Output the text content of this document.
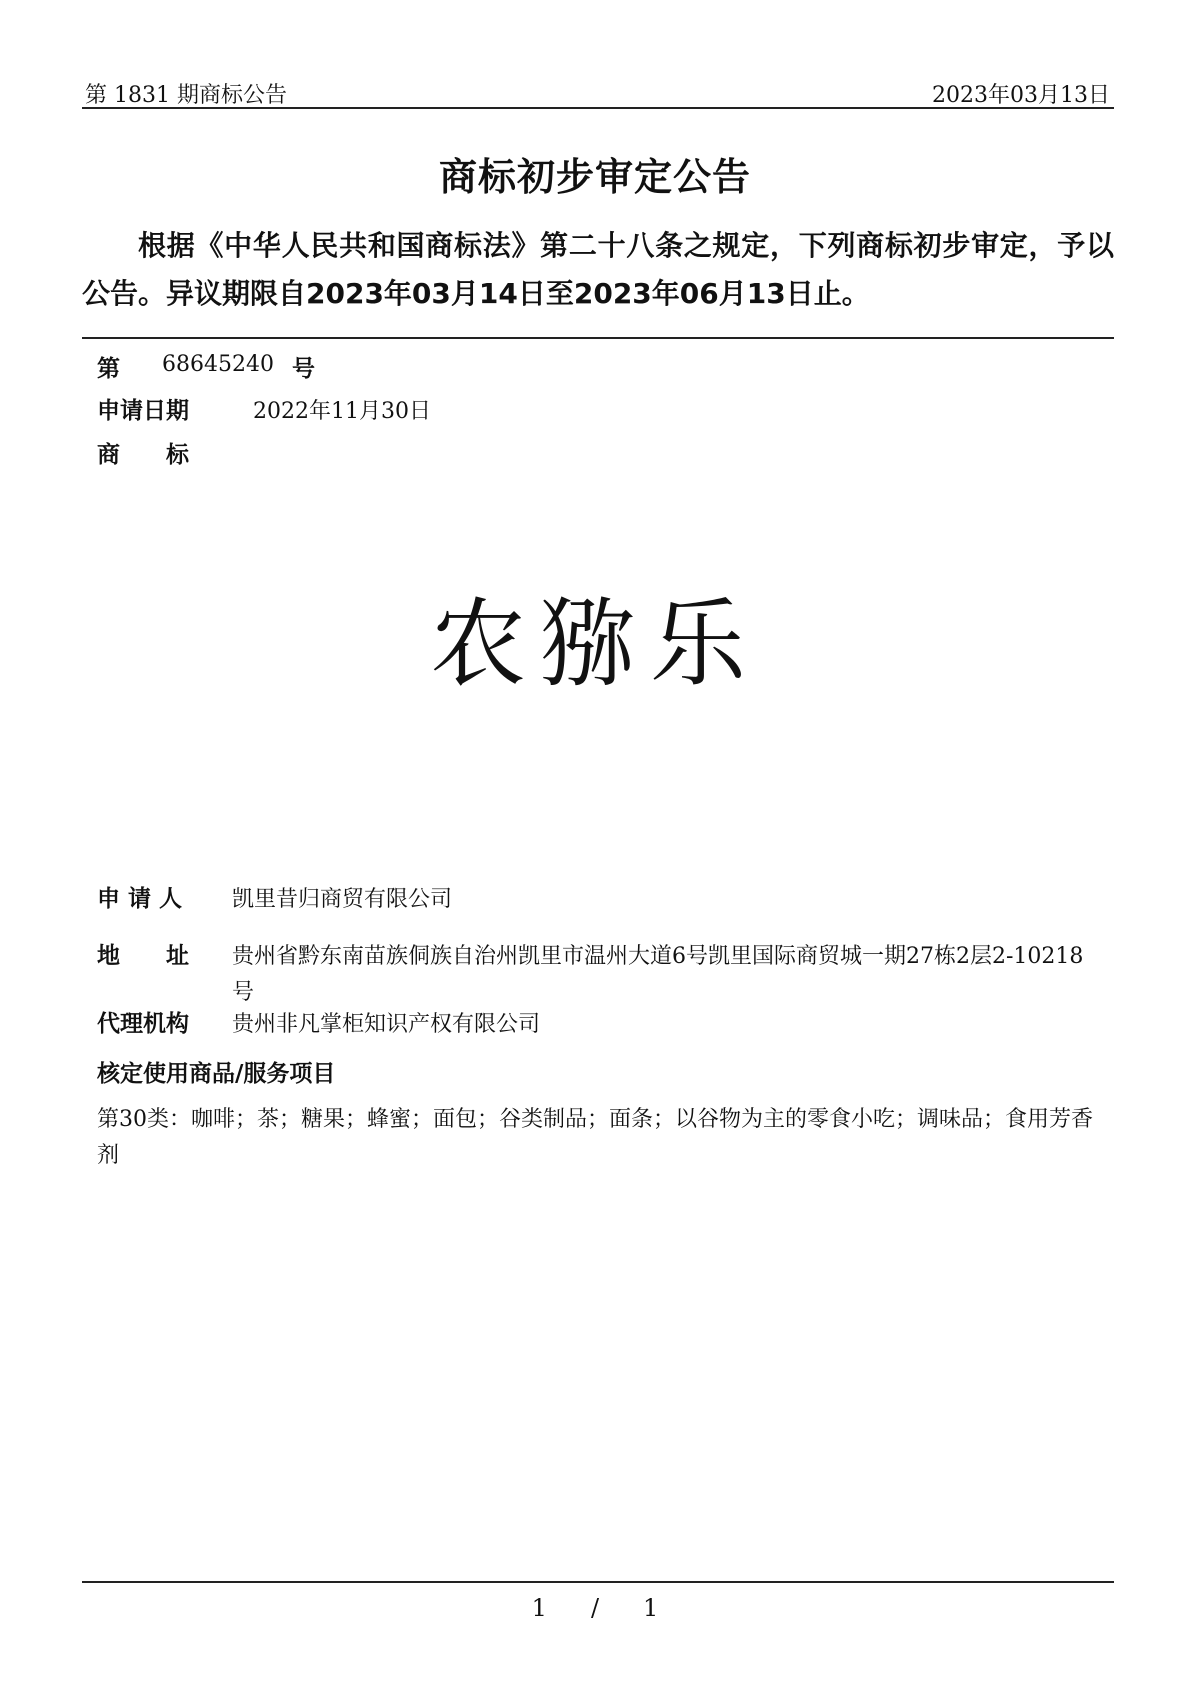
第 1831 期商标公告	2023年03月13日
商标初步审定公告
根据《中华人民共和国商标法》第二十八条之规定，下列商标初步审定，予以公告。异议期限自2023年03月14日至2023年06月13日止。
第 68645240 号
申请日期	2022年11月30日
商　　标
农猕乐
申 请 人 凯里昔归商贸有限公司
地　　址 贵州省黔东南苗族侗族自治州凯里市温州大道6号凯里国际商贸城一期27栋2层2-10218号
代理机构 贵州非凡掌柜知识产权有限公司
核定使用商品/服务项目
第30类：咖啡；茶；糖果；蜂蜜；面包；谷类制品；面条；以谷物为主的零食小吃；调味品；食用芳香剂
1 / 1
